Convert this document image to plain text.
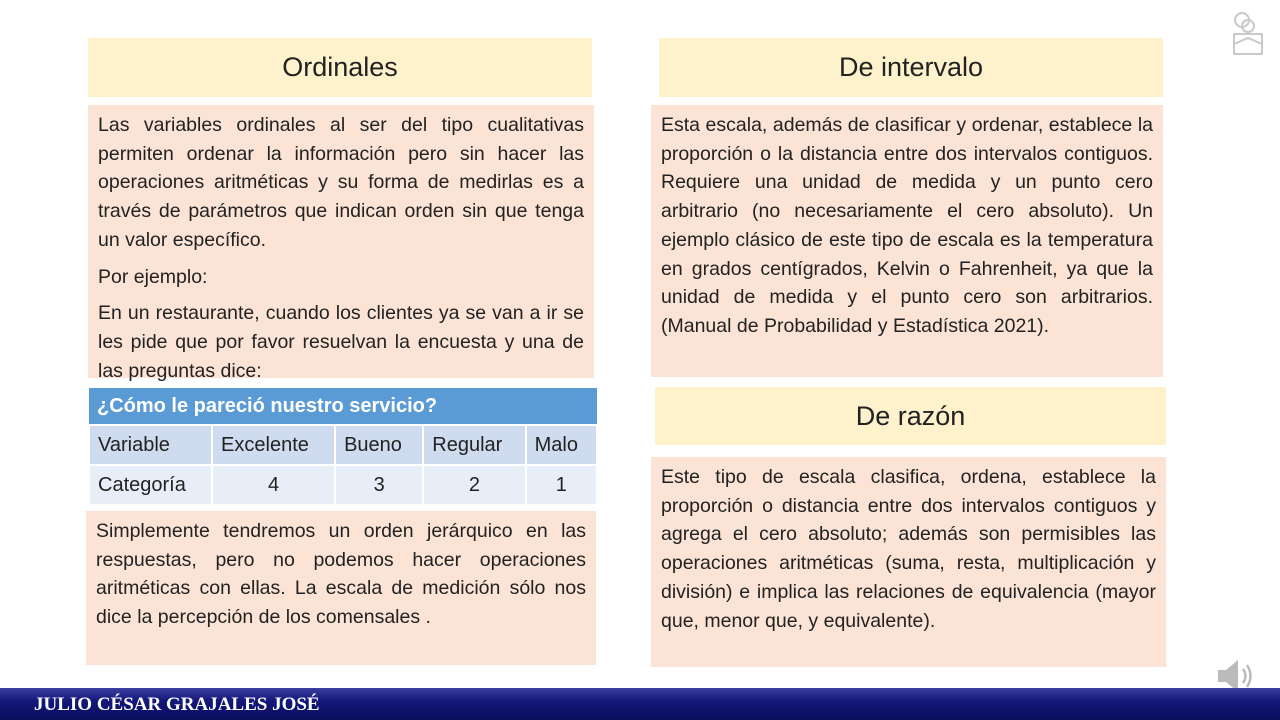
Ordinales

Las variables ordinales al ser del tipo cualitativas permiten ordenar la información pero sin hacer las operaciones aritméticas y su forma de medirlas es a través de parámetros que indican orden sin que tenga un valor específico.

Por ejemplo:

En un restaurante, cuando los clientes ya se van a ir se les pide que por favor resuelvan la encuesta y una de las preguntas dice:

¿Cómo le pareció nuestro servicio?				
Variable	Excelente	Bueno	Regular	Malo
Categoría	4	3	2	1

Simplemente tendremos un orden jerárquico en las respuestas, pero no podemos hacer operaciones aritméticas con ellas. La escala de medición sólo nos dice la percepción de los comensales .

De intervalo

Esta escala, además de clasificar y ordenar, establece la proporción o la distancia entre dos intervalos contiguos. Requiere una unidad de medida y un punto cero arbitrario (no necesariamente el cero absoluto). Un ejemplo clásico de este tipo de escala es la temperatura en grados centígrados, Kelvin o Fahrenheit, ya que la unidad de medida y el punto cero son arbitrarios. (Manual de Probabilidad y Estadística 2021).

De razón

Este tipo de escala clasifica, ordena, establece la proporción o distancia entre dos intervalos contiguos y agrega el cero absoluto; además son permisibles las operaciones aritméticas (suma, resta, multiplicación y división) e implica las relaciones de equivalencia (mayor que, menor que, y equivalente).

JULIO CÉSAR GRAJALES JOSÉ
